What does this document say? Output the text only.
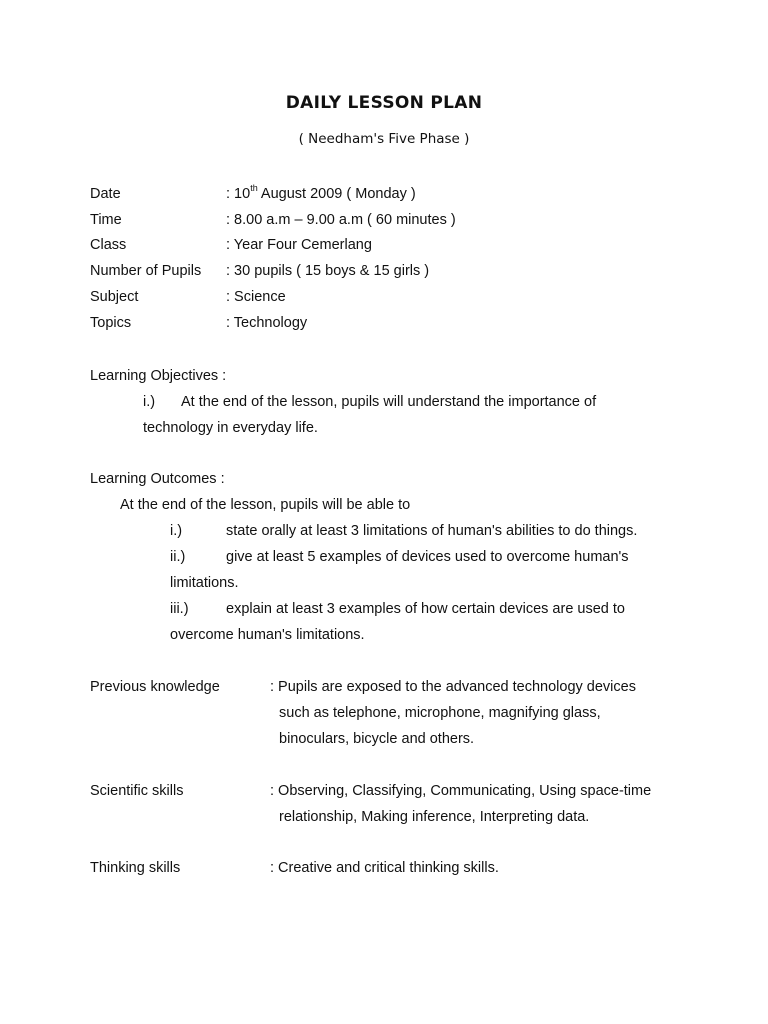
DAILY LESSON PLAN
( Needham's Five Phase )
Date	: 10th August 2009 ( Monday )
Time	: 8.00 a.m – 9.00 a.m ( 60 minutes )
Class	: Year Four Cemerlang
Number of Pupils : 30 pupils ( 15 boys & 15 girls )
Subject	: Science
Topics	: Technology
Learning Objectives :
i.) At the end of the lesson, pupils will understand the importance of
technology in everyday life.
Learning Outcomes :
At the end of the lesson, pupils will be able to
i.)	state orally at least 3 limitations of human's abilities to do things.
ii.)	give at least 5 examples of devices used to overcome human's
limitations.
iii.)	explain at least 3 examples of how certain devices are used to
overcome human's limitations.
Previous knowledge	: Pupils are exposed to the advanced technology devices
such as telephone, microphone, magnifying glass,
binoculars, bicycle and others.
Scientific skills	: Observing, Classifying, Communicating, Using space-time
relationship, Making inference, Interpreting data.
Thinking skills	: Creative and critical thinking skills.
